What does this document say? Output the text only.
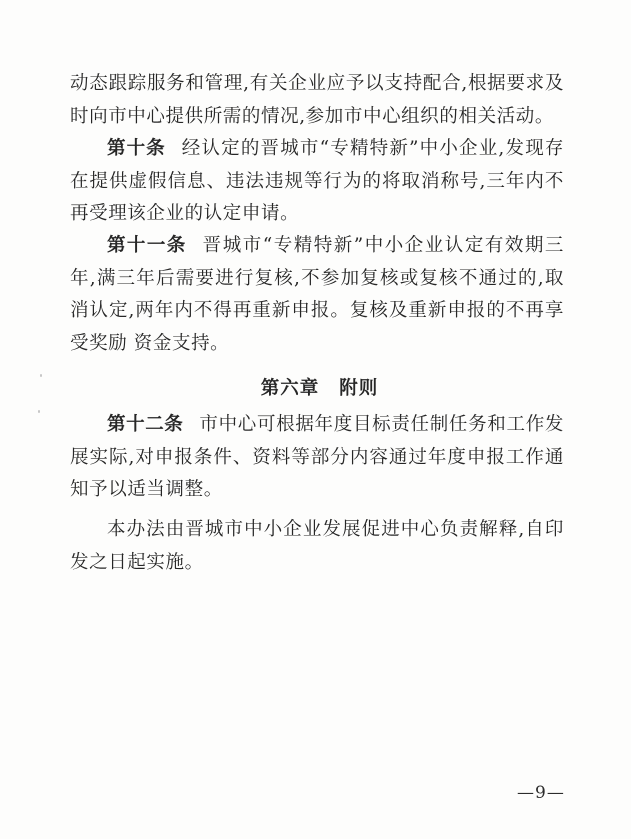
动态跟踪服务和管理,有关企业应予以支持配合,根据要求及时向市中心提供所需的情况,参加市中心组织的相关活动。

第十条 经认定的晋城市“专精特新”中小企业,发现存在提供虚假信息、违法违规等行为的将取消称号,三年内不再受理该企业的认定申请。

第十一条 晋城市“专精特新”中小企业认定有效期三年,满三年后需要进行复核,不参加复核或复核不通过的,取消认定,两年内不得再重新申报。复核及重新申报的不再享受奖励 资金支持。

第六章 附则

第十二条 市中心可根据年度目标责任制任务和工作发展实际,对申报条件、资料等部分内容通过年度申报工作通知予以适当调整。

本办法由晋城市中小企业发展促进中心负责解释,自印发之日起实施。

—9—
